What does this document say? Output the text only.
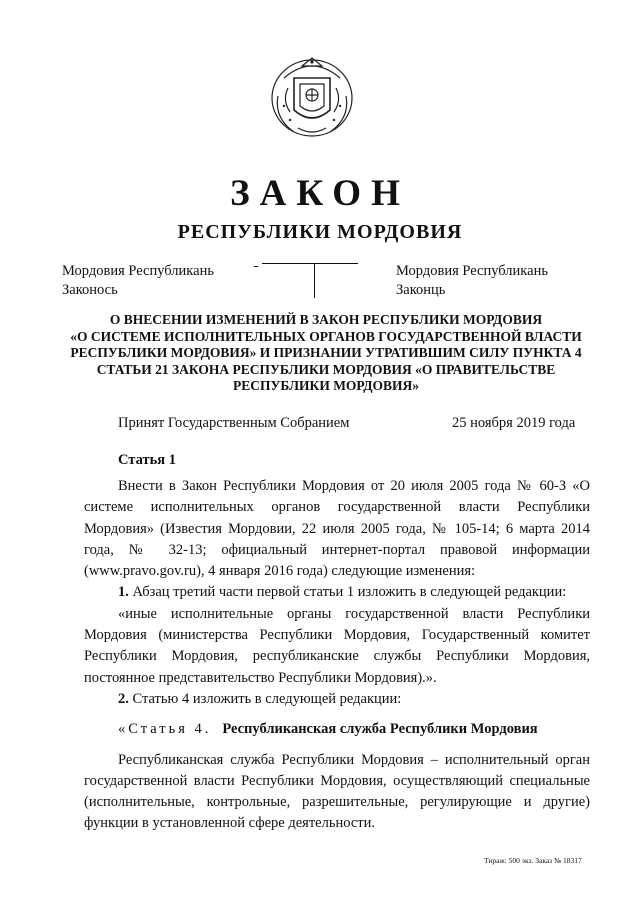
ЗАКОН
РЕСПУБЛИКИ МОРДОВИЯ
Мордовия Республикань
Законось
Мордовия Республикань
Законць
О ВНЕСЕНИИ ИЗМЕНЕНИЙ В ЗАКОН РЕСПУБЛИКИ МОРДОВИЯ
«О СИСТЕМЕ ИСПОЛНИТЕЛЬНЫХ ОРГАНОВ ГОСУДАРСТВЕННОЙ ВЛАСТИ
РЕСПУБЛИКИ МОРДОВИЯ» И ПРИЗНАНИИ УТРАТИВШИМ СИЛУ ПУНКТА 4
СТАТЬИ 21 ЗАКОНА РЕСПУБЛИКИ МОРДОВИЯ «О ПРАВИТЕЛЬСТВЕ
РЕСПУБЛИКИ МОРДОВИЯ»
Принят Государственным Собранием	25 ноября 2019 года
Статья 1

Внести в Закон Республики Мордовия от 20 июля 2005 года № 60-З «О системе исполнительных органов государственной власти Республики Мордовия» (Известия Мордовии, 22 июля 2005 года, № 105-14; 6 марта 2014 года, № 32-13; официальный интернет-портал правовой информации (www.pravo.gov.ru), 4 января 2016 года) следующие изменения:

1. Абзац третий части первой статьи 1 изложить в следующей редакции:

«иные исполнительные органы государственной власти Республики Мордовия (министерства Республики Мордовия, Государственный комитет Республики Мордовия, республиканские службы Республики Мордовия, постоянное представительство Республики Мордовия).».

2. Статью 4 изложить в следующей редакции:

«Статья 4. Республиканская служба Республики Мордовия

Республиканская служба Республики Мордовия – исполнительный орган государственной власти Республики Мордовия, осуществляющий специальные (исполнительные, контрольные, разрешительные, регулирующие и другие) функции в установленной сфере деятельности.

Тираж: 500 экз. Заказ № 18317
